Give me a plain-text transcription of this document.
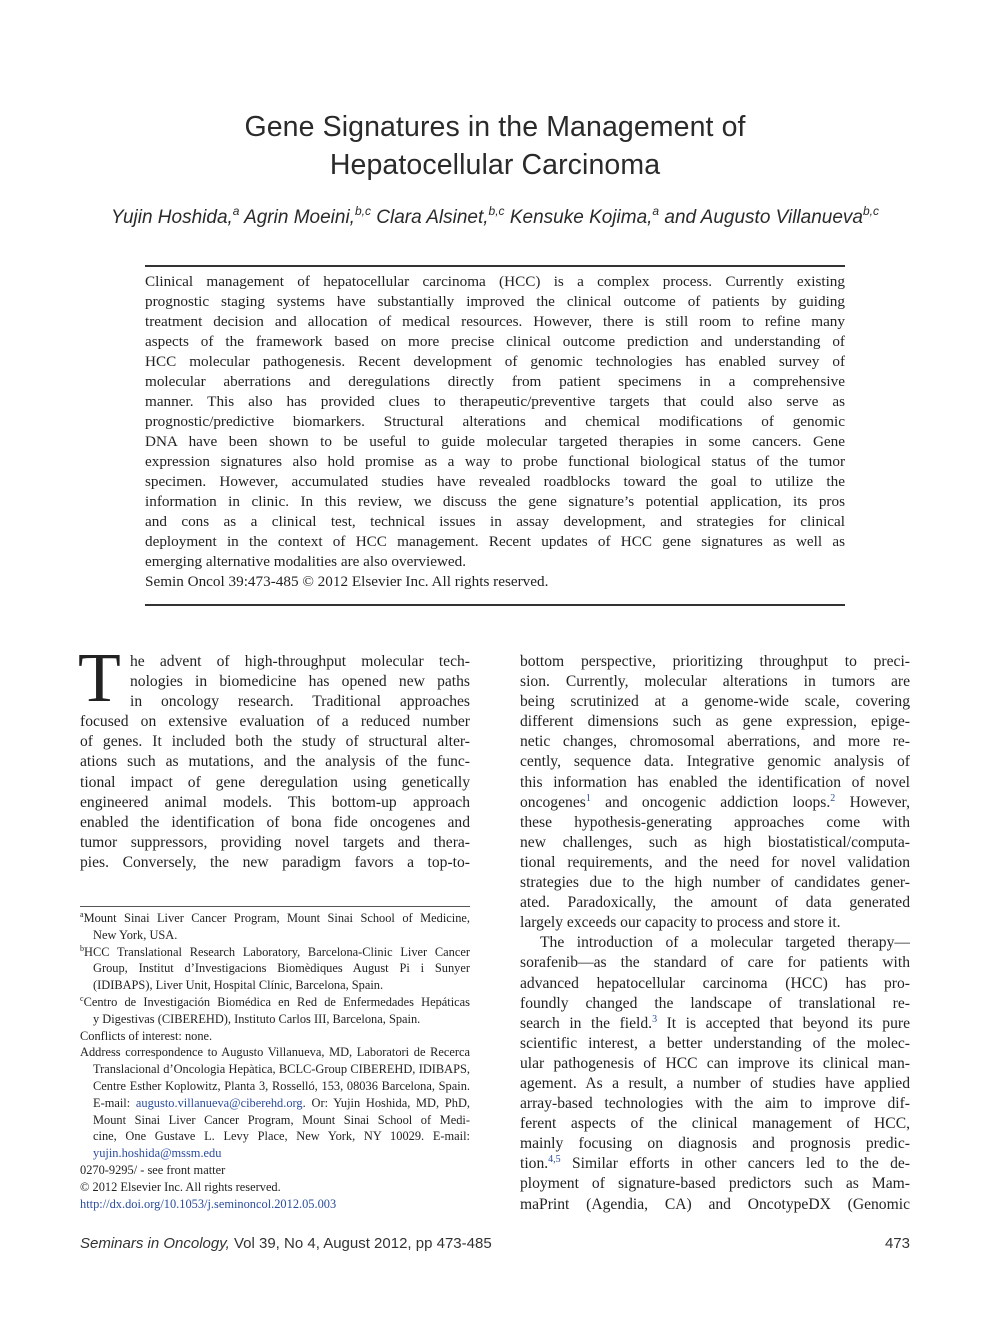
Gene Signatures in the Management of
Hepatocellular Carcinoma
Yujin Hoshida,$^a$ Agrin Moeini,$^{b,c}$ Clara Alsinet,$^{b,c}$ Kensuke Kojima,$^a$ and Augusto Villanueva$^{b,c}$
Clinical management of hepatocellular carcinoma (HCC) is a complex process. Currently existing
prognostic staging systems have substantially improved the clinical outcome of patients by guiding
treatment decision and allocation of medical resources. However, there is still room to refine many
aspects of the framework based on more precise clinical outcome prediction and understanding of
HCC molecular pathogenesis. Recent development of genomic technologies has enabled survey of
molecular aberrations and deregulations directly from patient specimens in a comprehensive
manner. This also has provided clues to therapeutic/preventive targets that could also serve as
prognostic/predictive biomarkers. Structural alterations and chemical modifications of genomic
DNA have been shown to be useful to guide molecular targeted therapies in some cancers. Gene
expression signatures also hold promise as a way to probe functional biological status of the tumor
specimen. However, accumulated studies have revealed roadblocks toward the goal to utilize the
information in clinic. In this review, we discuss the gene signature’s potential application, its pros
and cons as a clinical test, technical issues in assay development, and strategies for clinical
deployment in the context of HCC management. Recent updates of HCC gene signatures as well as
emerging alternative modalities are also overviewed.
Semin Oncol 39:473-485 © 2012 Elsevier Inc. All rights reserved.
T he advent of high-throughput molecular tech-
nologies in biomedicine has opened new paths
in oncology research. Traditional approaches
focused on extensive evaluation of a reduced number
of genes. It included both the study of structural alter-
ations such as mutations, and the analysis of the func-
tional impact of gene deregulation using genetically
engineered animal models. This bottom-up approach
enabled the identification of bona fide oncogenes and
tumor suppressors, providing novel targets and thera-
pies. Conversely, the new paradigm favors a top-to-
$^a$Mount Sinai Liver Cancer Program, Mount Sinai School of Medicine,
New York, USA.
$^b$HCC Translational Research Laboratory, Barcelona-Clinic Liver Cancer
Group, Institut d’Investigacions Biomèdiques August Pi i Sunyer
(IDIBAPS), Liver Unit, Hospital Clínic, Barcelona, Spain.
$^c$Centro de Investigación Biomédica en Red de Enfermedades Hepáticas
y Digestivas (CIBEREHD), Instituto Carlos III, Barcelona, Spain.
Conflicts of interest: none.
Address correspondence to Augusto Villanueva, MD, Laboratori de Recerca
Translacional d’Oncologia Hepàtica, BCLC-Group CIBEREHD, IDIBAPS,
Centre Esther Koplowitz, Planta 3, Rosselló, 153, 08036 Barcelona, Spain.
E-mail: augusto.villanueva@ciberehd.org. Or: Yujin Hoshida, MD, PhD,
Mount Sinai Liver Cancer Program, Mount Sinai School of Medi-
cine, One Gustave L. Levy Place, New York, NY 10029. E-mail:
yujin.hoshida@mssm.edu
0270-9295/ - see front matter
© 2012 Elsevier Inc. All rights reserved.
http://dx.doi.org/10.1053/j.seminoncol.2012.05.003
bottom perspective, prioritizing throughput to preci-
sion. Currently, molecular alterations in tumors are
being scrutinized at a genome-wide scale, covering
different dimensions such as gene expression, epige-
netic changes, chromosomal aberrations, and more re-
cently, sequence data. Integrative genomic analysis of
this information has enabled the identification of novel
oncogenes$^1$ and oncogenic addiction loops.$^2$ However,
these hypothesis-generating approaches come with
new challenges, such as high biostatistical/computa-
tional requirements, and the need for novel validation
strategies due to the high number of candidates gener-
ated. Paradoxically, the amount of data generated
largely exceeds our capacity to process and store it.
The introduction of a molecular targeted therapy—
sorafenib—as the standard of care for patients with
advanced hepatocellular carcinoma (HCC) has pro-
foundly changed the landscape of translational re-
search in the field.$^3$ It is accepted that beyond its pure
scientific interest, a better understanding of the molec-
ular pathogenesis of HCC can improve its clinical man-
agement. As a result, a number of studies have applied
array-based technologies with the aim to improve dif-
ferent aspects of the clinical management of HCC,
mainly focusing on diagnosis and prognosis predic-
tion.$^{4,5}$ Similar efforts in other cancers led to the de-
ployment of signature-based predictors such as Mam-
maPrint (Agendia, CA) and OncotypeDX (Genomic
Seminars in Oncology, Vol 39, No 4, August 2012, pp 473-485	473
